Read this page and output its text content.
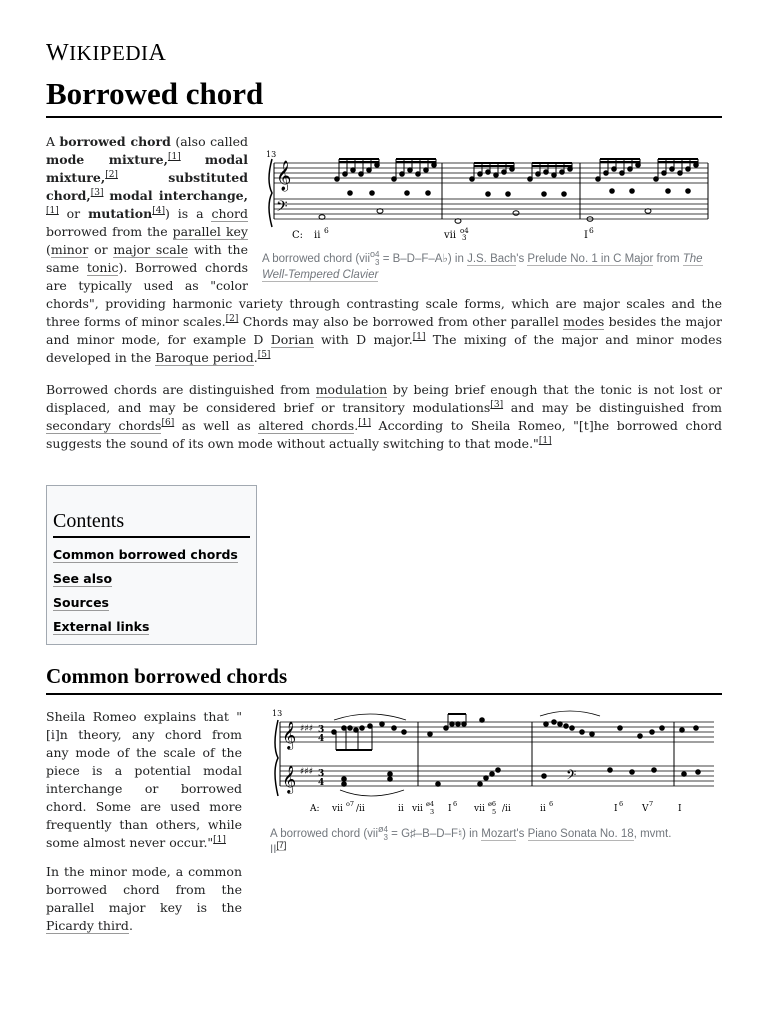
WIKIPEDIA
Borrowed chord
13
𝄞
𝄢
C: ii 6	vii o4
3	I 6
A borrowed chord (vii$^o$4
3 = B–D–F–A♭) in J.S. Bach's Prelude No. 1 in C Major from The Well-Tempered Clavier

A borrowed chord (also called mode mixture,[1] modal mixture,[2]	substituted chord,[3] modal interchange,[1] or mutation[4]) is a chord borrowed from the parallel key (minor or major scale with the same tonic). Borrowed chords are typically used as "color chords", providing harmonic variety through contrasting scale forms, which are major scales and the three forms of minor scales.[2] Chords may also be borrowed from other parallel modes besides the major and minor mode, for example D Dorian with D major.[1] The mixing of the major and minor modes developed in the Baroque period.[5]

Borrowed chords are distinguished from modulation by being brief enough that the tonic is not lost or displaced, and may be considered brief or transitory modulations[3] and may be distinguished from secondary chords[6] as well as altered chords.[1] According to Sheila Romeo, "[t]he borrowed chord suggests the sound of its own mode without actually switching to that mode."[1]

Contents
Common borrowed chords
See also
Sources
External links
Common borrowed chords

Sheila Romeo explains that "[i]n theory, any chord from any mode of the scale of the piece is a potential modal interchange or borrowed chord. Some are used more frequently than others, while some almost never occur."[1]

In the minor mode, a common borrowed chord from the parallel major key is the Picardy third.

13
𝄞
𝄞
♯♯♯
♯♯♯
3
4
3
4	𝄢
A: vii o7 /ii	ii vii ø4
3 I 6 vii ø6
5 /ii	ii 6	I 6 V 7	I
A borrowed chord (vii$^ø$4
3 = G♯–B–D–F♮) in Mozart's Piano Sonata No. 18, mvmt. II[7]
